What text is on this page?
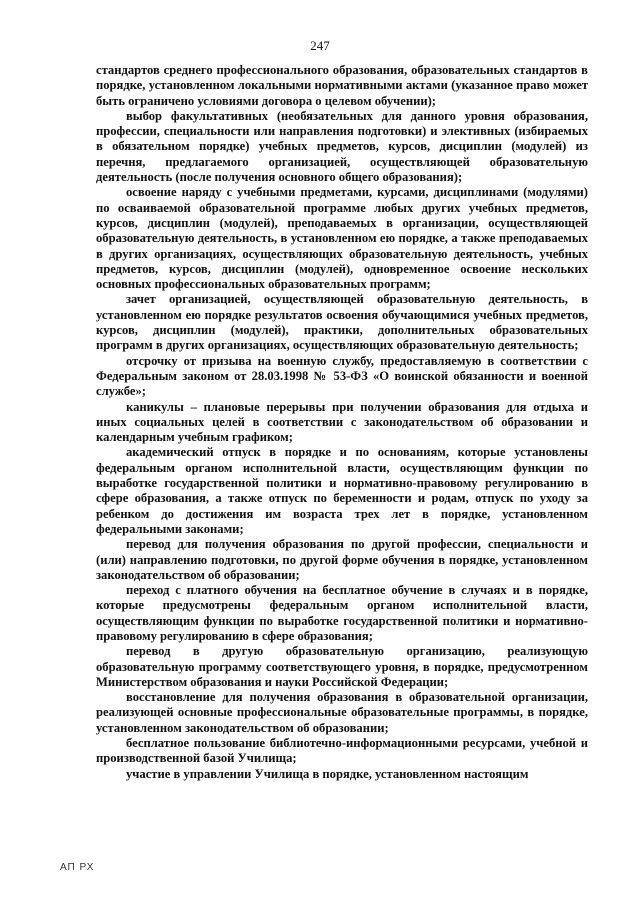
247

стандартов среднего профессионального образования, образовательных стандартов в порядке, установленном локальными нормативными актами (указанное право может быть ограничено условиями договора о целевом обучении);

выбор факультативных (необязательных для данного уровня образования, профессии, специальности или направления подготовки) и элективных (избираемых в обязательном порядке) учебных предметов, курсов, дисциплин (модулей) из перечня, предлагаемого организацией, осуществляющей образовательную деятельность (после получения основного общего образования);

освоение наряду с учебными предметами, курсами, дисциплинами (модулями) по осваиваемой образовательной программе любых других учебных предметов, курсов, дисциплин (модулей), преподаваемых в организации, осуществляющей образовательную деятельность, в установленном ею порядке, а также преподаваемых в других организациях, осуществляющих образовательную деятельность, учебных предметов, курсов, дисциплин (модулей), одновременное освоение нескольких основных профессиональных образовательных программ;

зачет организацией, осуществляющей образовательную деятельность, в установленном ею порядке результатов освоения обучающимися учебных предметов, курсов, дисциплин (модулей), практики, дополнительных образовательных программ в других организациях, осуществляющих образовательную деятельность;

отсрочку от призыва на военную службу, предоставляемую в соответствии с Федеральным законом от 28.03.1998 № 53-ФЗ «О воинской обязанности и военной службе»;

каникулы – плановые перерывы при получении образования для отдыха и иных социальных целей в соответствии с законодательством об образовании и календарным учебным графиком;

академический отпуск в порядке и по основаниям, которые установлены федеральным органом исполнительной власти, осуществляющим функции по выработке государственной политики и нормативно-правовому регулированию в сфере образования, а также отпуск по беременности и родам, отпуск по уходу за ребенком до достижения им возраста трех лет в порядке, установленном федеральными законами;

перевод для получения образования по другой профессии, специальности и (или) направлению подготовки, по другой форме обучения в порядке, установленном законодательством об образовании;

переход с платного обучения на бесплатное обучение в случаях и в порядке, которые предусмотрены федеральным органом исполнительной власти, осуществляющим функции по выработке государственной политики и нормативно-правовому регулированию в сфере образования;

перевод в другую образовательную организацию, реализующую образовательную программу соответствующего уровня, в порядке, предусмотренном Министерством образования и науки Российской Федерации;

восстановление для получения образования в образовательной организации, реализующей основные профессиональные образовательные программы, в порядке, установленном законодательством об образовании;

бесплатное пользование библиотечно-информационными ресурсами, учебной и производственной базой Училища;

участие в управлении Училища в порядке, установленном настоящим

АП РХ
